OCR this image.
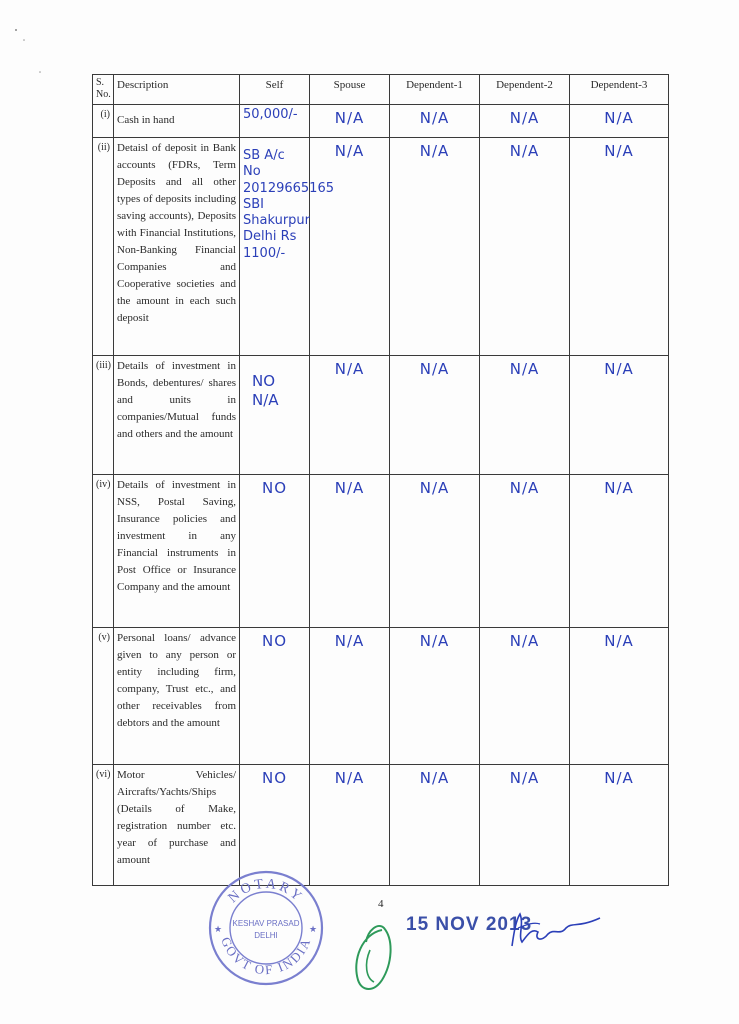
S. No.	Description	Self	Spouse	Dependent-1	Dependent-2	Dependent-3
(i)	Cash in hand	50,000/-	N/A	N/A	N/A	N/A
(ii)	Detaisl of deposit in Bank accounts (FDRs, Term Deposits and all other types of deposits including saving accounts), Deposits with Financial Institutions, Non-Banking Financial Companies and Cooperative societies and the amount in each such deposit	SB A/c No 20129665165 SBI Shakurpur Delhi Rs 1100/-	N/A	N/A	N/A	N/A
(iii)	Details of investment in Bonds, debentures/ shares and units in companies/Mutual funds and others and the amount	NO N/A	N/A	N/A	N/A	N/A
(iv)	Details of investment in NSS, Postal Saving, Insurance policies and investment in any Financial instruments in Post Office or Insurance Company and the amount	NO	N/A	N/A	N/A	N/A
(v)	Personal loans/ advance given to any person or entity including firm, company, Trust etc., and other receivables from debtors and the amount	NO	N/A	N/A	N/A	N/A
(vi)	Motor Vehicles/ Aircrafts/Yachts/Ships (Details of Make, registration number etc. year of purchase and amount	NO	N/A	N/A	N/A	N/A
4
NOTARY
GOVT OF INDIA
KESHAV PRASAD
DELHI
★	★	15 NOV 2013
